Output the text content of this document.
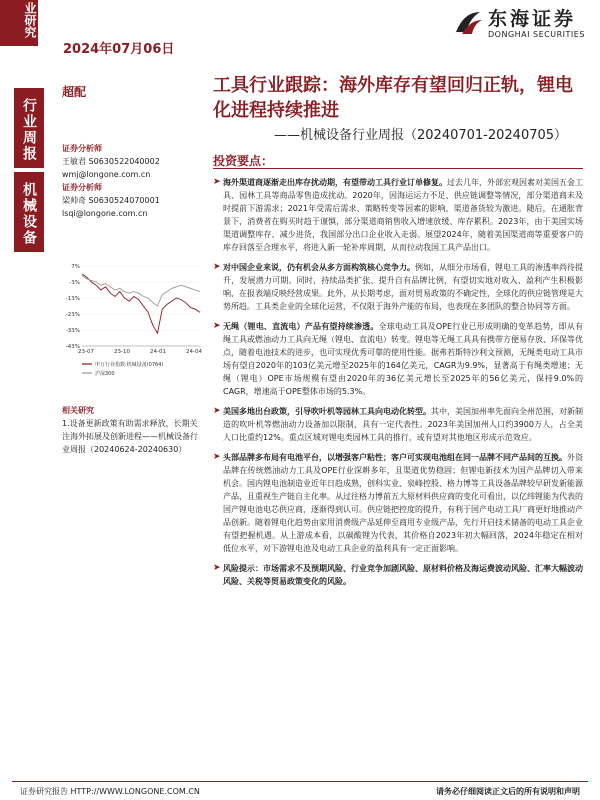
业研究
2024年07月06日
东海证券
DONGHAI SECURITIES
行业周报
机械设备
超配	工具行业跟踪：海外库存有望回归正轨，锂电化进程持续推进
——机械设备行业周报（20240701-20240705）
证券分析师
王敏君 S0630522040002
wmj@longone.com.cn
证券分析师
梁帅奇 S0630524070001
lsqi@longone.com.cn
7%
-3%
-13%
-23%
-33%
-43%
23-07	23-10	24-01	24-04
申万行业指数:机械设备(0764)
沪深300
相关研究
1.设备更新政策有助需求释放，长期关注海外拓展及创新进程——机械设备行业周报（20240624-20240630）
投资要点：
➤ 海外渠道商逐渐走出库存扰动期，有望带动工具行业订单修复。过去几年，外部宏观因素对美国五金工具、园林工具等商品零售造成扰动。2020年，因海运运力不足、供应链调整等情况，部分渠道商未及时提前下游需求；2021年受需后需求、策略转变等因素的影响，渠道备货较为激进。随后，在通胀背景下，消费者在购买时趋于谨慎，部分渠道商销售收入增速放缓、库存累积。2023年，由于美国实场渠道调整库存、减少进货，我国部分出口企业收入走弱。展望2024年，随着美国渠道商等重要客户的库存回落至合理水平，将进入新一轮补库周期，从而拉动我国工具产品出口。
➤ 对中国企业来说，仍有机会从多方面构筑核心竞争力。例如，从细分市场看，锂电工具的渗透率尚待提升，发展潜力可期。同时，持续品类扩张、提升自有品牌比例，有望切实地对收入、盈利产生积极影响，在报表端反映经营成果。此外，从长期考虑，面对贸易政策的不确定性，全球化的供应链管理是大势所趋。工具类企业的全球化运营，不仅限于海外产能的布局，也表现在多团队的整合协同等方面。
➤ 无绳（锂电、直流电）产品有望持续渗透。全球电动工具及OPE行业已形成明确的变革趋势，即从有绳工具或燃油动力工具向无绳（锂电、直流电）转变。锂电等无绳工具具有携带方便易存放、环保等优点，随着电池技术的进步，也可实现优秀可靠的使用性能。据弗若斯特沙利文预测，无绳类电动工具市场有望自2020年的103亿美元增至2025年的164亿美元，CAGR为9.9%，显著高于有绳类增速；无绳（锂电）OPE市场规模有望由2020年的36亿美元增长至2025年的56亿美元，保持9.0%的CAGR，增速高于OPE整体市场的5.3%。
➤ 美国多地出台政策，引导吹叶机等园林工具向电动化转型。其中，美国加州率先面向全州范围，对新制造的吹叶机等燃油动力设备加以限制，具有一定代表性。2023年美国加州人口约3900万人，占全美人口比重约12%。重点区域对锂电类园林工具的推行，或有望对其他地区形成示范效应。
➤ 头部品牌多布局有电池平台，以增强客户粘性；客户可实现电池组在同一品牌不同产品间的互换。外资品牌在传统燃油动力工具及OPE行业深耕多年，且渠道优势稳固；但锂电新技术为国产品牌切入带来机会。国内锂电池制造业近年日趋成熟，创科实业、泉峰控股、格力博等工具设备品牌较早研发新能源产品，且重视生产链自主化率。从过往格力博前五大原材料供应商的变化可看出，以亿纬锂能为代表的国产锂电池电芯供应商，逐渐得到认可。供应链把控度的提升，有利于国产电动工具厂商更好地推动产品创新。随着锂电化趋势由家用消费级产品延伸至商用专业级产品，先行开启技术储备的电动工具企业有望把握机遇。从上游成本看，以碳酸锂为代表，其价格自2023年初大幅回落，2024年稳定在相对低位水平，对下游锂电池及电动工具企业的盈利具有一定正面影响。
➤ 风险提示：市场需求不及预期风险、行业竞争加剧风险、原材料价格及海运费波动风险、汇率大幅波动风险、关税等贸易政策变化的风险。
证券研究报告 HTTP://WWW.LONGONE.COM.CN	请务必仔细阅读正文后的所有说明和声明
